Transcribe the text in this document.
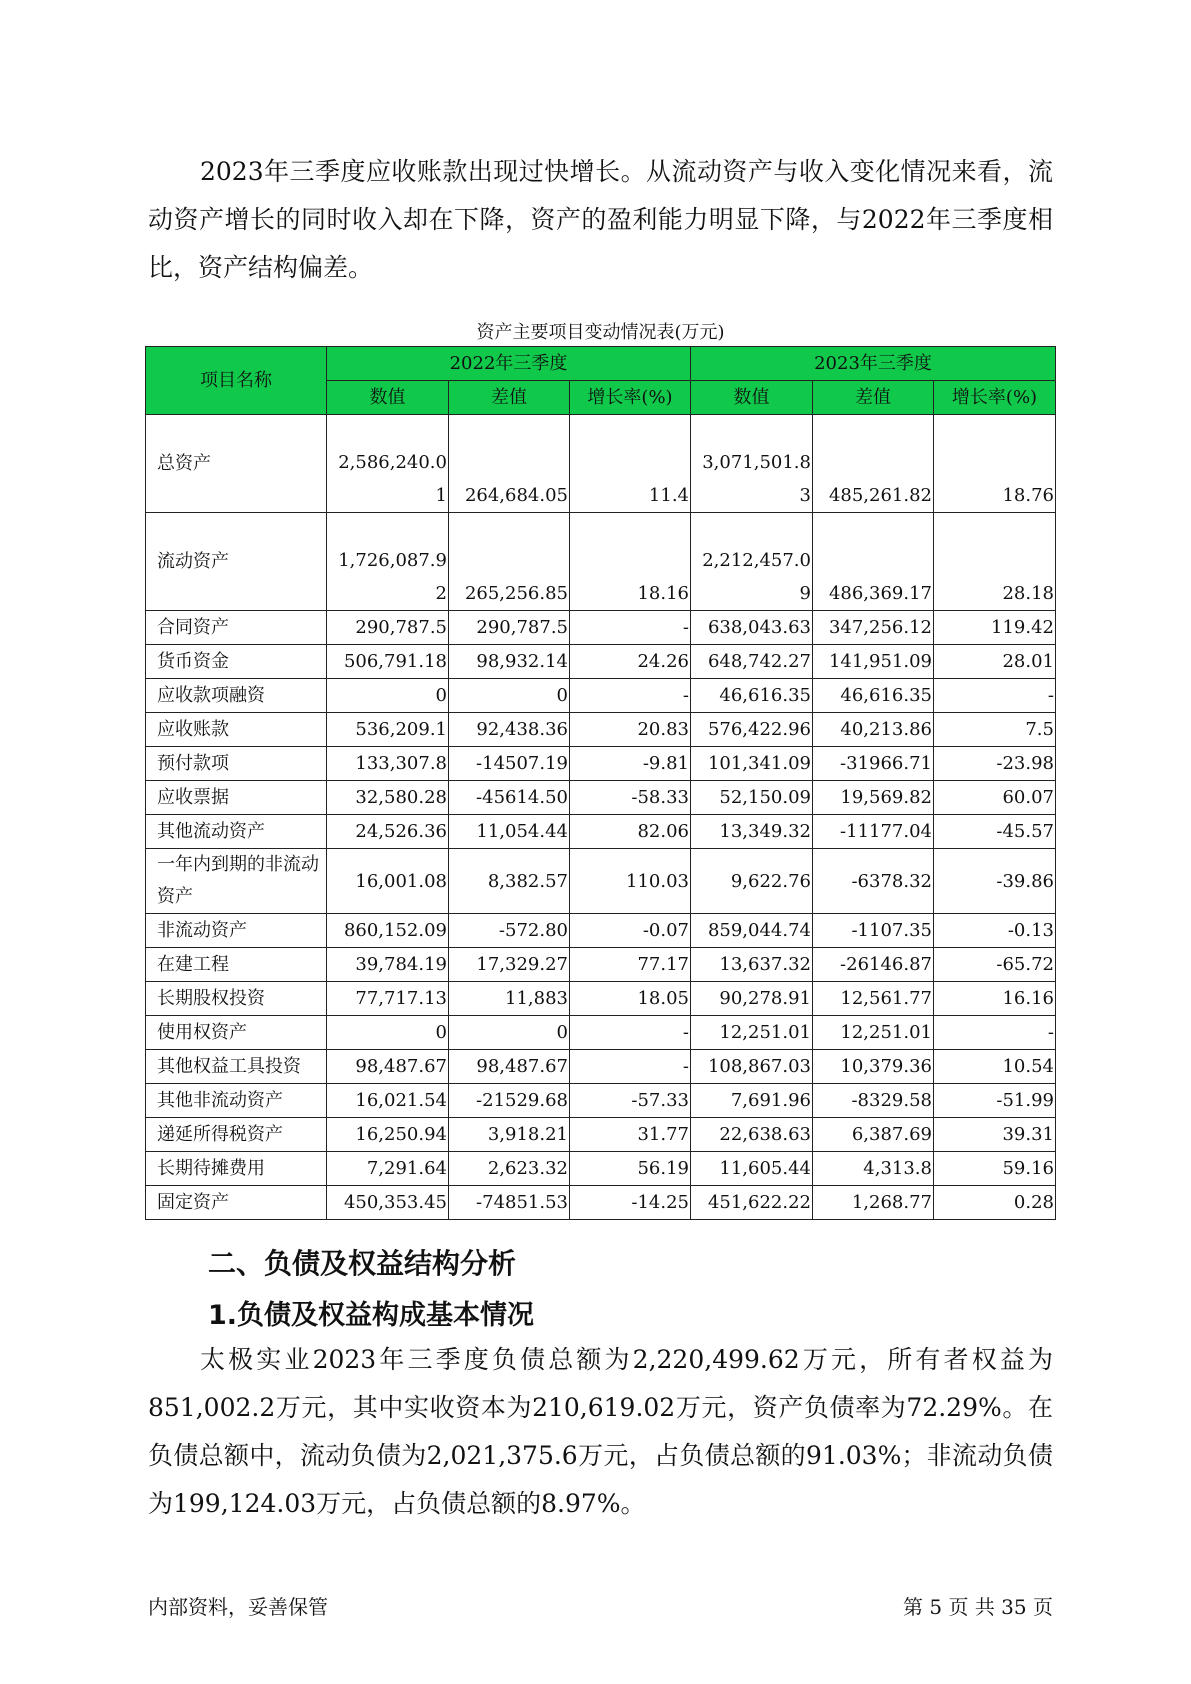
2023年三季度应收账款出现过快增长。从流动资产与收入变化情况来看，流动资产增长的同时收入却在下降，资产的盈利能力明显下降，与2022年三季度相比，资产结构偏差。

资产主要项目变动情况表(万元)
项目名称	2022年三季度			2023年三季度		
	数值	差值	增长率(%)	数值	差值	增长率(%)
总资产	2,586,240.01	264,684.05	11.4	3,071,501.83	485,261.82	18.76
流动资产	1,726,087.92	265,256.85	18.16	2,212,457.09	486,369.17	28.18
合同资产	290,787.5	290,787.5	-	638,043.63	347,256.12	119.42
货币资金	506,791.18	98,932.14	24.26	648,742.27	141,951.09	28.01
应收款项融资	0	0	-	46,616.35	46,616.35	-
应收账款	536,209.1	92,438.36	20.83	576,422.96	40,213.86	7.5
预付款项	133,307.8	-14507.19	-9.81	101,341.09	-31966.71	-23.98
应收票据	32,580.28	-45614.50	-58.33	52,150.09	19,569.82	60.07
其他流动资产	24,526.36	11,054.44	82.06	13,349.32	-11177.04	-45.57
一年内到期的非流动资产	16,001.08	8,382.57	110.03	9,622.76	-6378.32	-39.86
非流动资产	860,152.09	-572.80	-0.07	859,044.74	-1107.35	-0.13
在建工程	39,784.19	17,329.27	77.17	13,637.32	-26146.87	-65.72
长期股权投资	77,717.13	11,883	18.05	90,278.91	12,561.77	16.16
使用权资产	0	0	-	12,251.01	12,251.01	-
其他权益工具投资	98,487.67	98,487.67	-	108,867.03	10,379.36	10.54
其他非流动资产	16,021.54	-21529.68	-57.33	7,691.96	-8329.58	-51.99
递延所得税资产	16,250.94	3,918.21	31.77	22,638.63	6,387.69	39.31
长期待摊费用	7,291.64	2,623.32	56.19	11,605.44	4,313.8	59.16
固定资产	450,353.45	-74851.53	-14.25	451,622.22	1,268.77	0.28
二、负债及权益结构分析
1.负债及权益构成基本情况

太极实业2023年三季度负债总额为2,220,499.62万元，所有者权益为851,002.2万元，其中实收资本为210,619.02万元，资产负债率为72.29%。在负债总额中，流动负债为2,021,375.6万元，占负债总额的91.03%；非流动负债为199,124.03万元，占负债总额的8.97%。

内部资料，妥善保管	第 5 页 共 35 页
